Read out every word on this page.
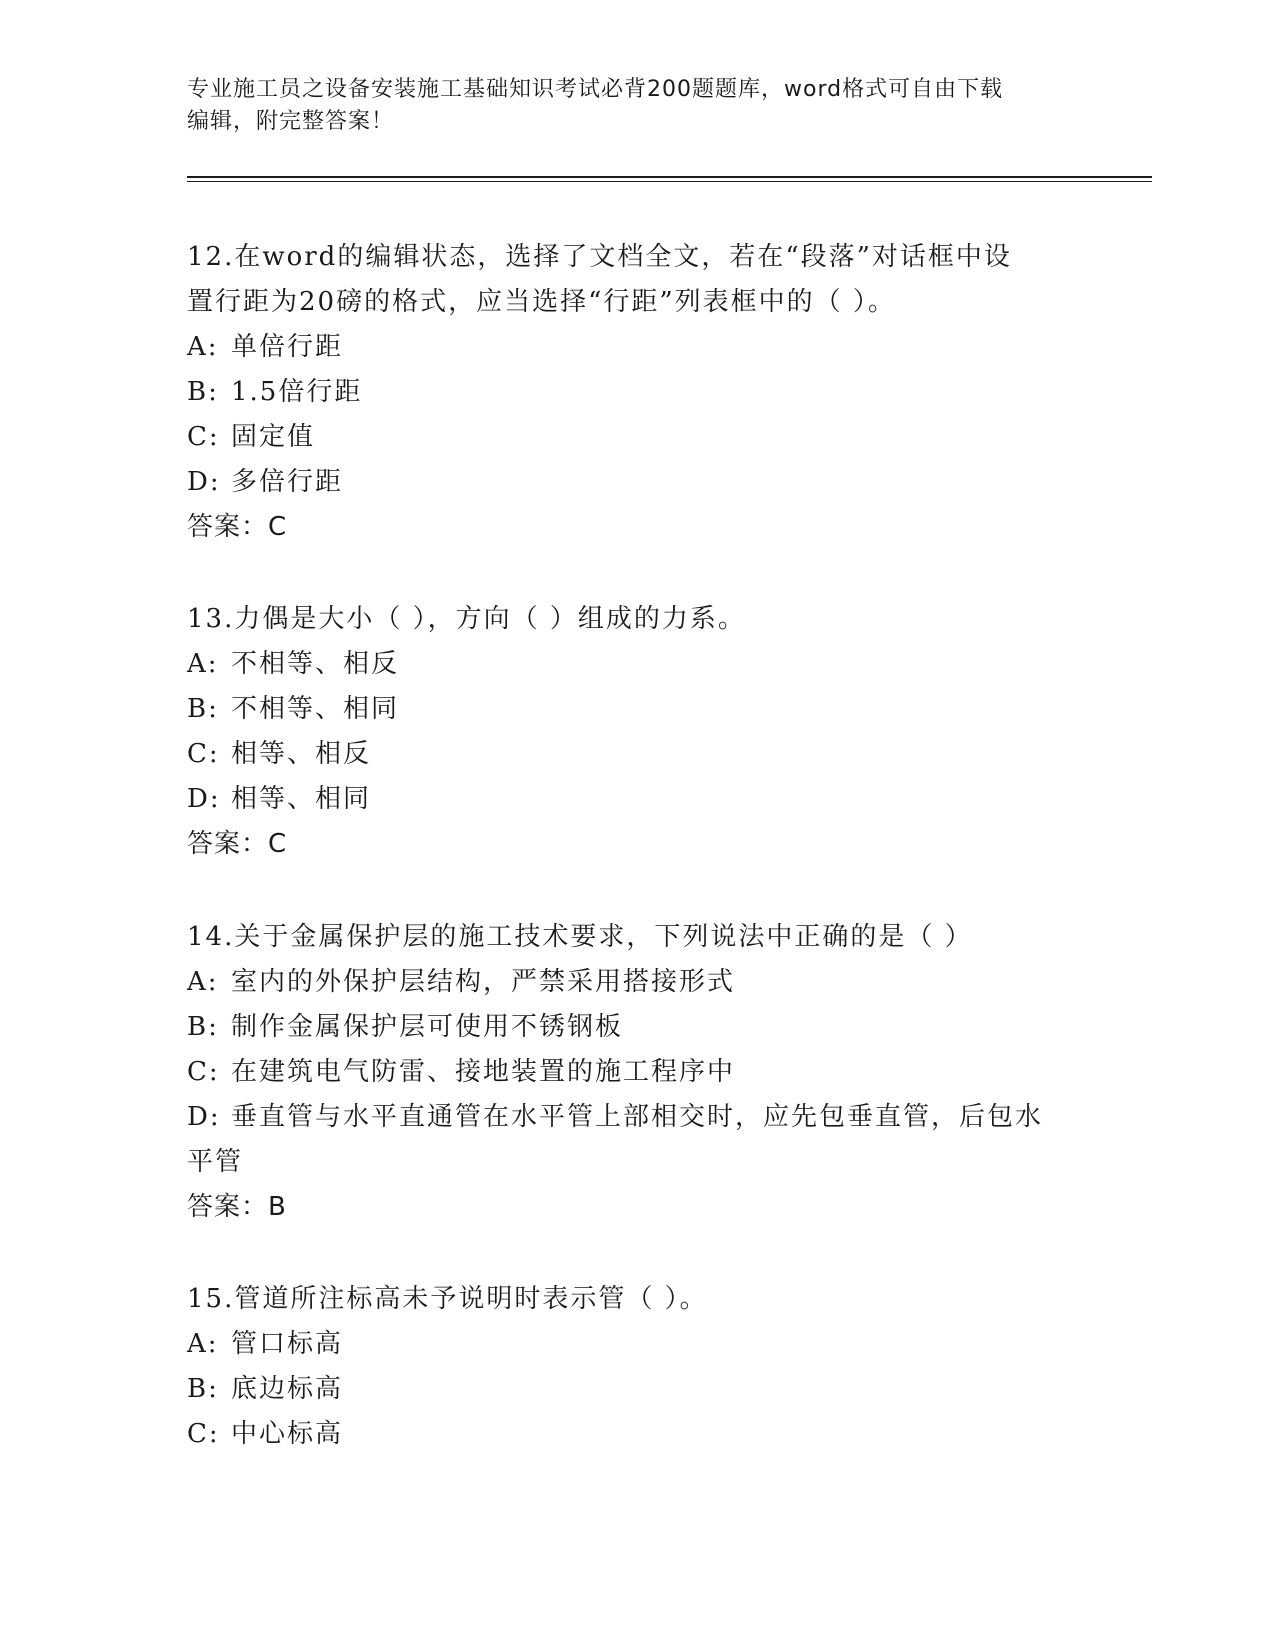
专业施工员之设备安装施工基础知识考试必背200题题库，word格式可自由下载
编辑，附完整答案！

12.在word的编辑状态，选择了文档全文，若在“段落”对话框中设

置行距为20磅的格式，应当选择“行距”列表框中的（ ）。

A: 单倍行距

B: 1.5倍行距

C: 固定值

D: 多倍行距

答案：C

13.力偶是大小（ ），方向（ ）组成的力系。

A: 不相等、相反

B: 不相等、相同

C: 相等、相反

D: 相等、相同

答案：C

14.关于金属保护层的施工技术要求，下列说法中正确的是（ ）

A: 室内的外保护层结构，严禁采用搭接形式

B: 制作金属保护层可使用不锈钢板

C: 在建筑电气防雷、接地装置的施工程序中

D: 垂直管与水平直通管在水平管上部相交时，应先包垂直管，后包水

平管

答案：B

15.管道所注标高未予说明时表示管（ ）。

A: 管口标高

B: 底边标高

C: 中心标高
